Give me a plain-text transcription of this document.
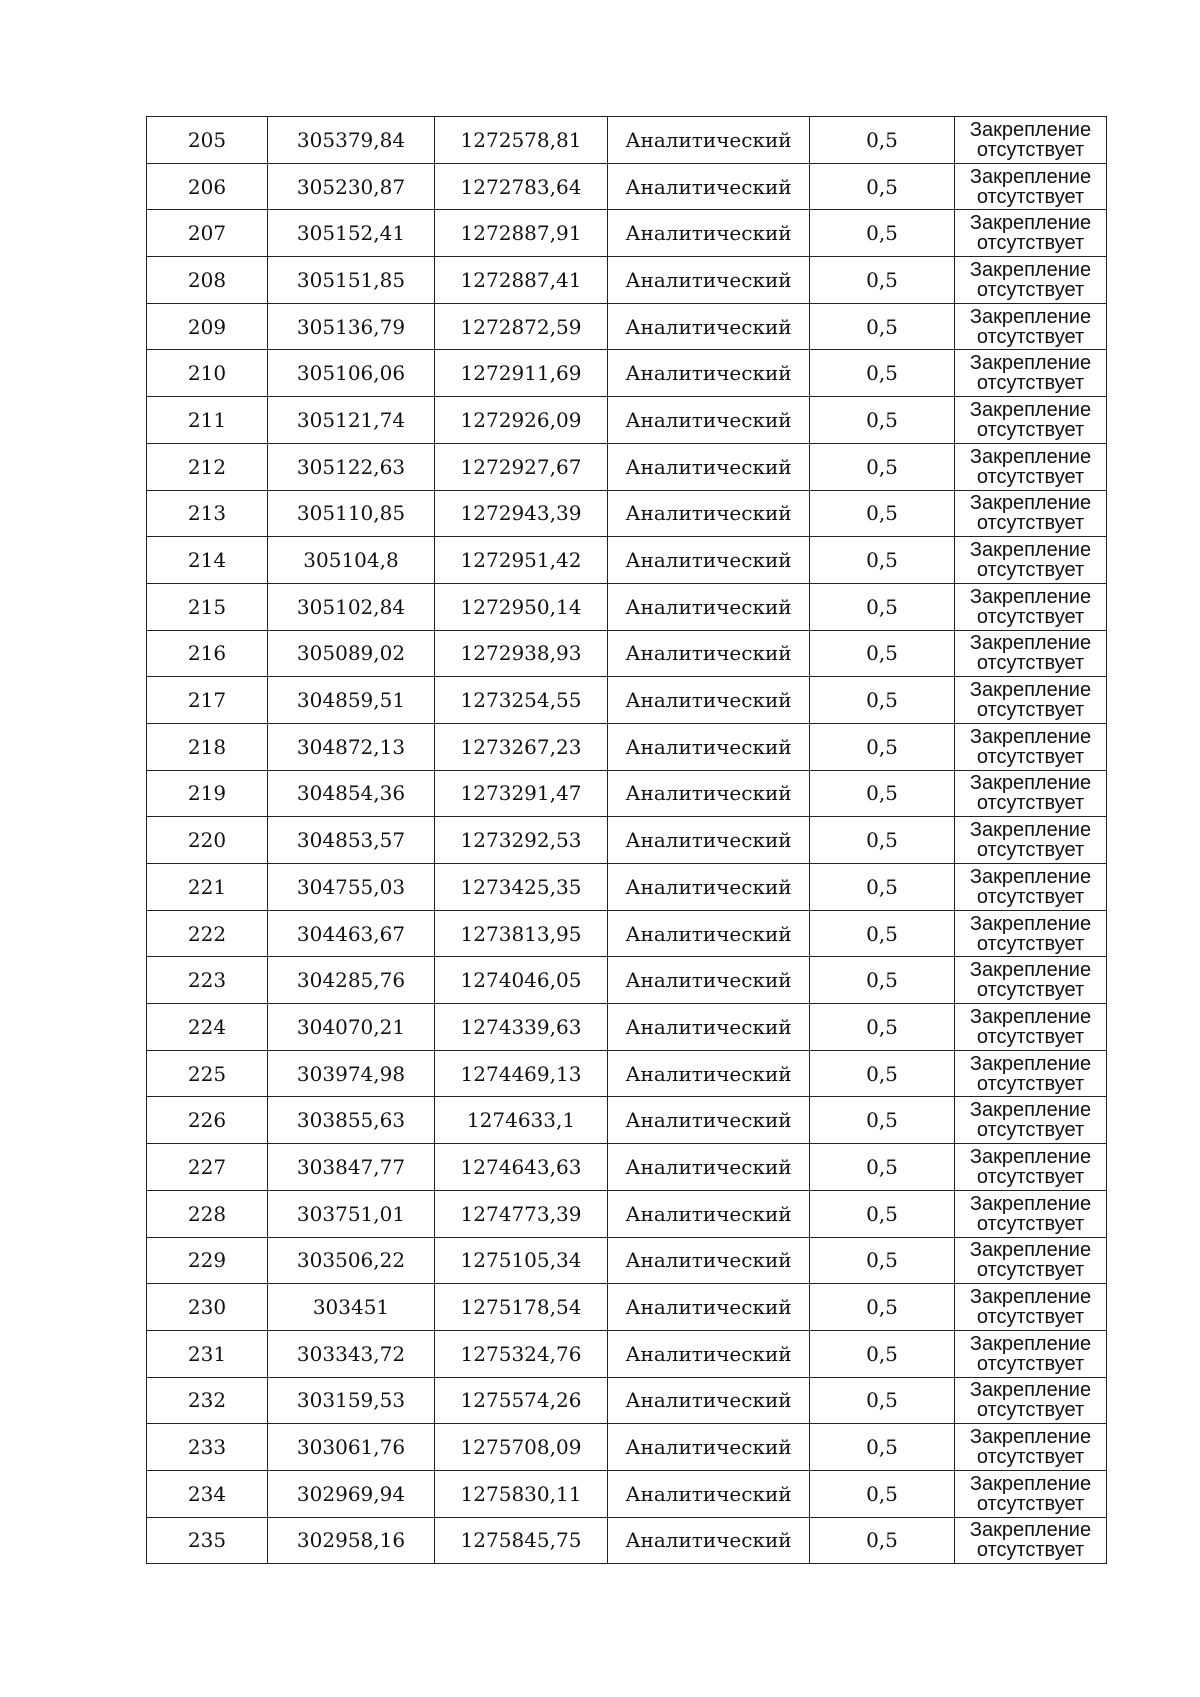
205	305379,84	1272578,81	Аналитический	0,5	Закрепление
отсутствует

206	305230,87	1272783,64	Аналитический	0,5	Закрепление
отсутствует

207	305152,41	1272887,91	Аналитический	0,5	Закрепление
отсутствует

208	305151,85	1272887,41	Аналитический	0,5	Закрепление
отсутствует

209	305136,79	1272872,59	Аналитический	0,5	Закрепление
отсутствует

210	305106,06	1272911,69	Аналитический	0,5	Закрепление
отсутствует

211	305121,74	1272926,09	Аналитический	0,5	Закрепление
отсутствует

212	305122,63	1272927,67	Аналитический	0,5	Закрепление
отсутствует

213	305110,85	1272943,39	Аналитический	0,5	Закрепление
отсутствует

214	305104,8	1272951,42	Аналитический	0,5	Закрепление
отсутствует

215	305102,84	1272950,14	Аналитический	0,5	Закрепление
отсутствует

216	305089,02	1272938,93	Аналитический	0,5	Закрепление
отсутствует

217	304859,51	1273254,55	Аналитический	0,5	Закрепление
отсутствует

218	304872,13	1273267,23	Аналитический	0,5	Закрепление
отсутствует

219	304854,36	1273291,47	Аналитический	0,5	Закрепление
отсутствует

220	304853,57	1273292,53	Аналитический	0,5	Закрепление
отсутствует

221	304755,03	1273425,35	Аналитический	0,5	Закрепление
отсутствует

222	304463,67	1273813,95	Аналитический	0,5	Закрепление
отсутствует

223	304285,76	1274046,05	Аналитический	0,5	Закрепление
отсутствует

224	304070,21	1274339,63	Аналитический	0,5	Закрепление
отсутствует

225	303974,98	1274469,13	Аналитический	0,5	Закрепление
отсутствует

226	303855,63	1274633,1	Аналитический	0,5	Закрепление
отсутствует

227	303847,77	1274643,63	Аналитический	0,5	Закрепление
отсутствует

228	303751,01	1274773,39	Аналитический	0,5	Закрепление
отсутствует

229	303506,22	1275105,34	Аналитический	0,5	Закрепление
отсутствует

230	303451	1275178,54	Аналитический	0,5	Закрепление
отсутствует

231	303343,72	1275324,76	Аналитический	0,5	Закрепление
отсутствует

232	303159,53	1275574,26	Аналитический	0,5	Закрепление
отсутствует

233	303061,76	1275708,09	Аналитический	0,5	Закрепление
отсутствует

234	302969,94	1275830,11	Аналитический	0,5	Закрепление
отсутствует

235	302958,16	1275845,75	Аналитический	0,5	Закрепление
отсутствует
